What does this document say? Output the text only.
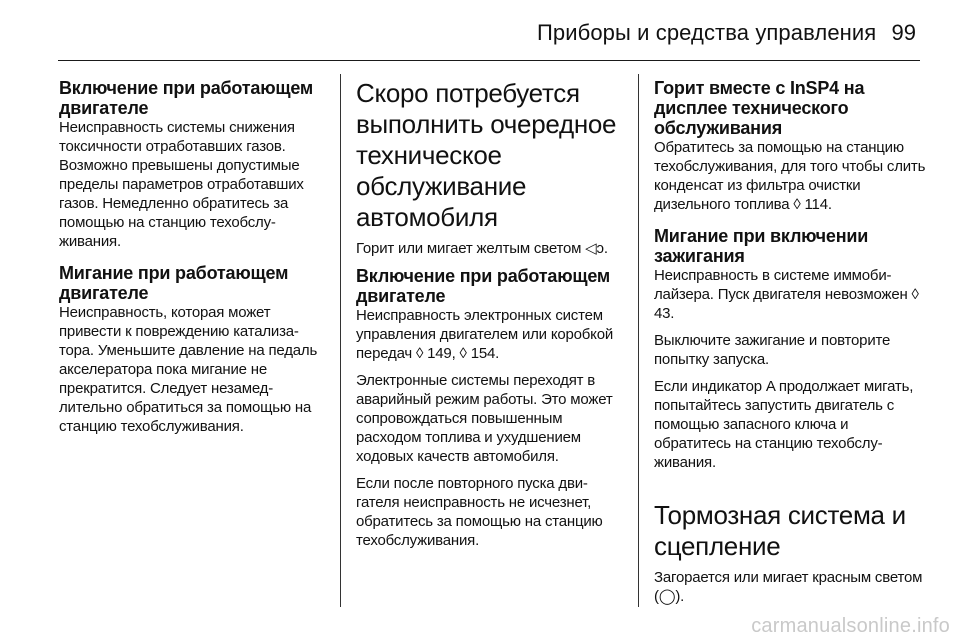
Приборы и средства управления 99
Включение при работающем двигателе

Неисправность системы снижения токсичности отработавших газов. Возможно превышены допустимые пределы параметров отработавших газов. Немедленно обратитесь за помощью на станцию техобслуживания.

Мигание при работающем двигателе

Неисправность, которая может привести к повреждению катализатора. Уменьшите давление на педаль акселератора пока мигание не прекратится. Следует незамедлительно обратиться за помощью на станцию техобслуживания.

Скоро потребуется выполнить очередное техническое обслуживание автомобиля

Горит или мигает желтым светом ◁ↄ.

Включение при работающем двигателе

Неисправность электронных систем управления двигателем или коробкой передач ◊ 149, ◊ 154.

Электронные системы переходят в аварийный режим работы. Это может сопровождаться повышенным расходом топлива и ухудшением ходовых качеств автомобиля.

Если после повторного пуска двигателя неисправность не исчезнет, обратитесь за помощью на станцию техобслуживания.

Горит вместе с InSP4 на дисплее технического обслуживания

Обратитесь за помощью на станцию техобслуживания, для того чтобы слить конденсат из фильтра очистки дизельного топлива ◊ 114.

Мигание при включении зажигания

Неисправность в системе иммобилайзера. Пуск двигателя невозможен ◊ 43.

Выключите зажигание и повторите попытку запуска.

Если индикатор A продолжает мигать, попытайтесь запустить двигатель с помощью запасного ключа и обратитесь на станцию техобслуживания.

Тормозная система и сцепление

Загорается или мигает красным светом (◯).

carmanualsonline.info
